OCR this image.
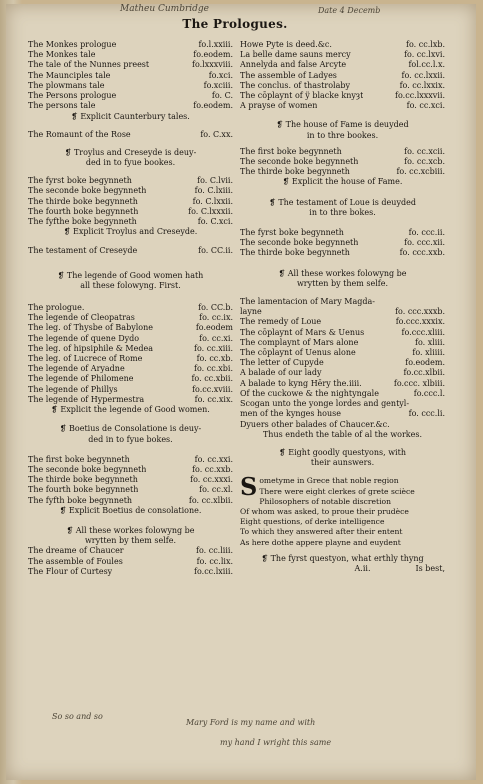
Matheu Cumbridge	Date 4 Decemb
The Prologues.
The Monkes prologue	fo.l.xxiii.
The Monkes tale	fo.eodem.
The tale of the Nunnes preest	fo.lxxxviii.
The Maunciples tale	fo.xci.
The plowmans tale	fo.xciii.
The Persons prologue	fo. C.
The persons tale	fo.eodem.
❡ Explicit Caunterbury tales.
The Romaunt of the Rose	fo. C.xx.
❡ Troylus and Creseyde is deuy-
ded in to fyue bookes.
The fyrst boke begynneth	fo. C.lvii.
The seconde boke begynneth	fo. C.lxiii.
The thirde boke begynneth	fo. C.lxxii.
The fourth boke begynneth	fo. C.lxxxii.
The fyfthe boke begynneth	fo. C.xci.
❡ Explicit Troylus and Creseyde.
The testament of Creseyde	fo. CC.ii.
❡ The legende of Good women hath
all these folowyng. First.
The prologue.	fo. CC.b.
The legende of Cleopatras	fo. cc.ix.
The leg. of Thysbe of Babylone	fo.eodem
The legende of quene Dydo	fo. cc.xi.
The leg. of hipsiphile & Medea	fo. cc.xiii.
The leg. of Lucrece of Rome	fo. cc.xb.
The legende of Aryadne	fo. cc.xbi.
The legende of Philomene	fo. cc.xbii.
The legende of Phillys	fo.cc.xviii.
The legende of Hypermestra	fo. cc.xix.
❡ Explicit the legende of Good women.
❡ Boetius de Consolatione is deuy-
ded in to fyue bokes.
The first boke begynneth	fo. cc.xxi.
The seconde boke begynneth	fo. cc.xxb.
The thirde boke begynneth	fo. cc.xxxi.
The fourth boke begynneth	fo. cc.xl.
The fyfth boke begynneth	fo. cc.xlbii.
❡ Explicit Boetius de consolatione.
❡ All these workes folowyng be
wrytten by them selfe.
The dreame of Chaucer	fo. cc.liii.
The assemble of Foules	fo. cc.lix.
The Flour of Curtesy	fo.cc.lxiii.
Howe Pyte is deed.&c.	fo. cc.lxb.
La belle dame sauns mercy	fo. cc.lxvi.
Annelyda and false Arcyte	fol.cc.l.x.
The assemble of Ladyes	fo. cc.lxxii.
The conclus. of thastrolaby	fo. cc.lxxix.
The cōplaynt of ÿ blacke knyȝt	fo.cc.lxxxvii.
A prayse of women	fo. cc.xci.
❡ The house of Fame is deuyded
in to thre bookes.
The first boke begynneth	fo. cc.xcii.
The seconde boke begynneth	fo. cc.xcb.
The thirde boke begynneth	fo. cc.xcbiii.
❡ Explicit the house of Fame.
❡ The testament of Loue is deuyded
in to thre bokes.
The fyrst boke begynneth	fo. ccc.ii.
The seconde boke begynneth	fo. ccc.xii.
The thirde boke begynneth	fo. ccc.xxb.
❡ All these workes folowyng be
wrytten by them selfe.
The lamentacion of Mary Magda-
layne	fo. ccc.xxxb.
The remedy of Loue	fo.ccc.xxxix.
The cōplaynt of Mars & Uenus	fo.ccc.xliii.
The complaynt of Mars alone	fo. xliii.
The cōplaynt of Uenus alone	fo. xliiii.
The letter of Cupyde	fo.eodem.
A balade of our lady	fo.cc.xlbii.
A balade to kyng Hēry the.iiii.	fo.ccc. xlbiii.
Of the cuckowe & the nightyngale	fo.ccc.l.
Scogan unto the yonge lordes and gentyl-
men of the kynges house	fo. ccc.li.
Dyuers other balades of Chaucer.&c.
Thus endeth the table of al the workes.
❡ Eight goodly questyons, with
their aunswers.
S ometyme in Grece that noble region
There were eight clerkes of grete scièce
Philosophers of notable discretion
Of whom was asked, to proue their prudèce
Eight questions, of derke intelligence
To which they answered after their entent
As here dothe appere playne and euydent
❡ The fyrst questyon, what erthly thyng
A.ii.	Is best,
So so and so
Mary Ford is my name and with
my hand I wright this same
